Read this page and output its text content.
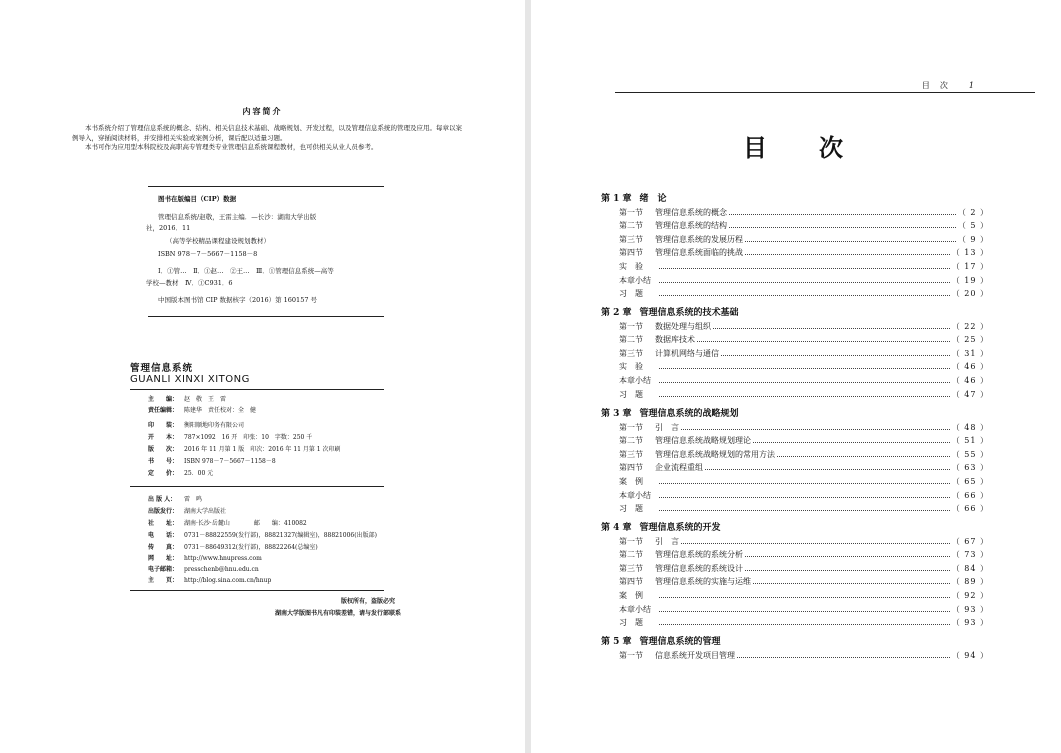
内容简介

本书系统介绍了管理信息系统的概念、结构、相关信息技术基础、战略规划、开发过程，以及管理信息系统的管理及应用。每章以案例导入，穿插阅读材料，并安排相关实验或案例分析，课后配以适量习题。

本书可作为应用型本科院校及高职高专管理类专业管理信息系统课程教材，也可供相关从业人员参考。

图书在版编目（CIP）数据
管理信息系统/赵敬，王雷主编．—长沙：湖南大学出版
社，2016．11
（高等学校精品课程建设规划教材）
ISBN 978－7－5667－1158－8
Ⅰ．①管…　Ⅱ．①赵…　②王…　Ⅲ．①管理信息系统—高等
学校—教材　Ⅳ．①C931．6
中国版本图书馆 CIP 数据核字（2016）第 160157 号
管理信息系统
GUANLI XINXI XITONG
主　　编： 赵　敬　王　雷
责任编辑： 陈建华　责任校对：全　健
印　　装： 衡阳顺地印务有限公司
开　　本： 787×1092　16 开　印张：10　字数：250 千
版　　次： 2016 年 11 月第 1 版　印次：2016 年 11 月第 1 次印刷
书　　号： ISBN 978－7－5667－1158－8
定　　价： 25．00 元
出 版 人： 雷　鸣
出版发行： 湖南大学出版社
社　　址： 湖南·长沙·岳麓山　　　　邮　　编：410082
电　　话： 0731－88822559(发行部)，88821327(编辑室)，88821006(出版部)
传　　真： 0731－88649312(发行部)，88822264(总编室)
网　　址： http://www.hnupress.com
电子邮箱： presschenb@hnu.edu.cn
主　　页： http://blog.sina.com.cn/hnup
版权所有，盗版必究
湖南大学版图书凡有印装差错，请与发行部联系
目　次	1
目　次
第 1 章 绪　论
第一节	管理信息系统的概念	（ 2 ）
第二节	管理信息系统的结构	（ 5 ）
第三节	管理信息系统的发展历程	（ 9 ）
第四节	管理信息系统面临的挑战	（ 13 ）
实　验	（ 17 ）
本章小结	（ 19 ）
习　题	（ 20 ）
第 2 章 管理信息系统的技术基础
第一节	数据处理与组织	（ 22 ）
第二节	数据库技术	（ 25 ）
第三节	计算机网络与通信	（ 31 ）
实　验	（ 46 ）
本章小结	（ 46 ）
习　题	（ 47 ）
第 3 章 管理信息系统的战略规划
第一节	引　言	（ 48 ）
第二节	管理信息系统战略规划理论	（ 51 ）
第三节	管理信息系统战略规划的常用方法	（ 55 ）
第四节	企业流程重组	（ 63 ）
案　例	（ 65 ）
本章小结	（ 66 ）
习　题	（ 66 ）
第 4 章 管理信息系统的开发
第一节	引　言	（ 67 ）
第二节	管理信息系统的系统分析	（ 73 ）
第三节	管理信息系统的系统设计	（ 84 ）
第四节	管理信息系统的实施与运维	（ 89 ）
案　例	（ 92 ）
本章小结	（ 93 ）
习　题	（ 93 ）
第 5 章 管理信息系统的管理
第一节	信息系统开发项目管理	（ 94 ）
